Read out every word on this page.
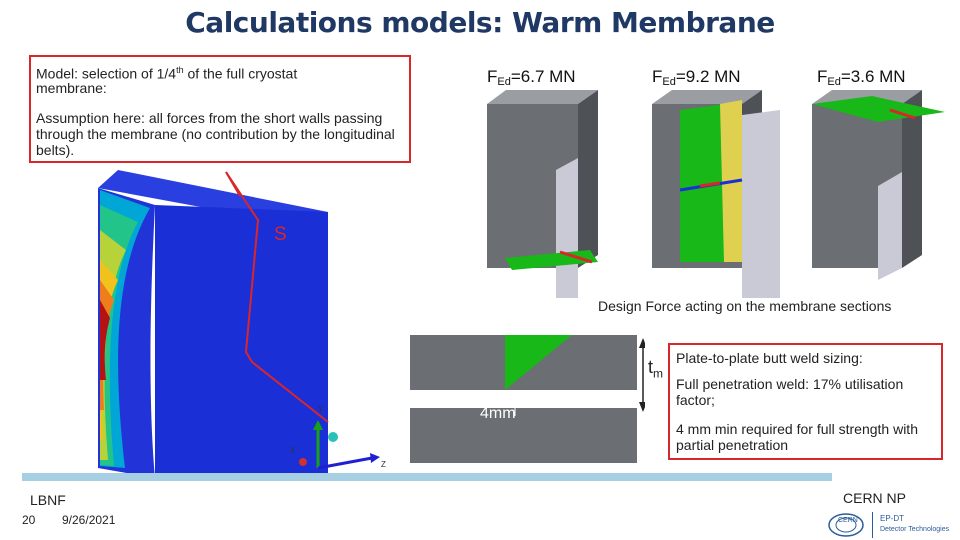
Calculations models: Warm Membrane
Y
X
Z
Model: selection of 1/4th of the full cryostat
membrane:
Assumption here: all forces from the short walls passing through the membrane (no contribution by the longitudinal belts).
S
$F_{Ed}=6.7$ MN	$F_{Ed}=9.2$ MN	$F_{Ed}=3.6$ MN
Design Force acting on the membrane sections
4mm
$t_m$
Plate-to-plate butt weld sizing:
Full penetration weld: 17% utilisation factor;
4 mm min required for full strength with partial penetration
LBNF
20 9/26/2021
CERN NP
CERN	EP-DT
Detector Technologies
